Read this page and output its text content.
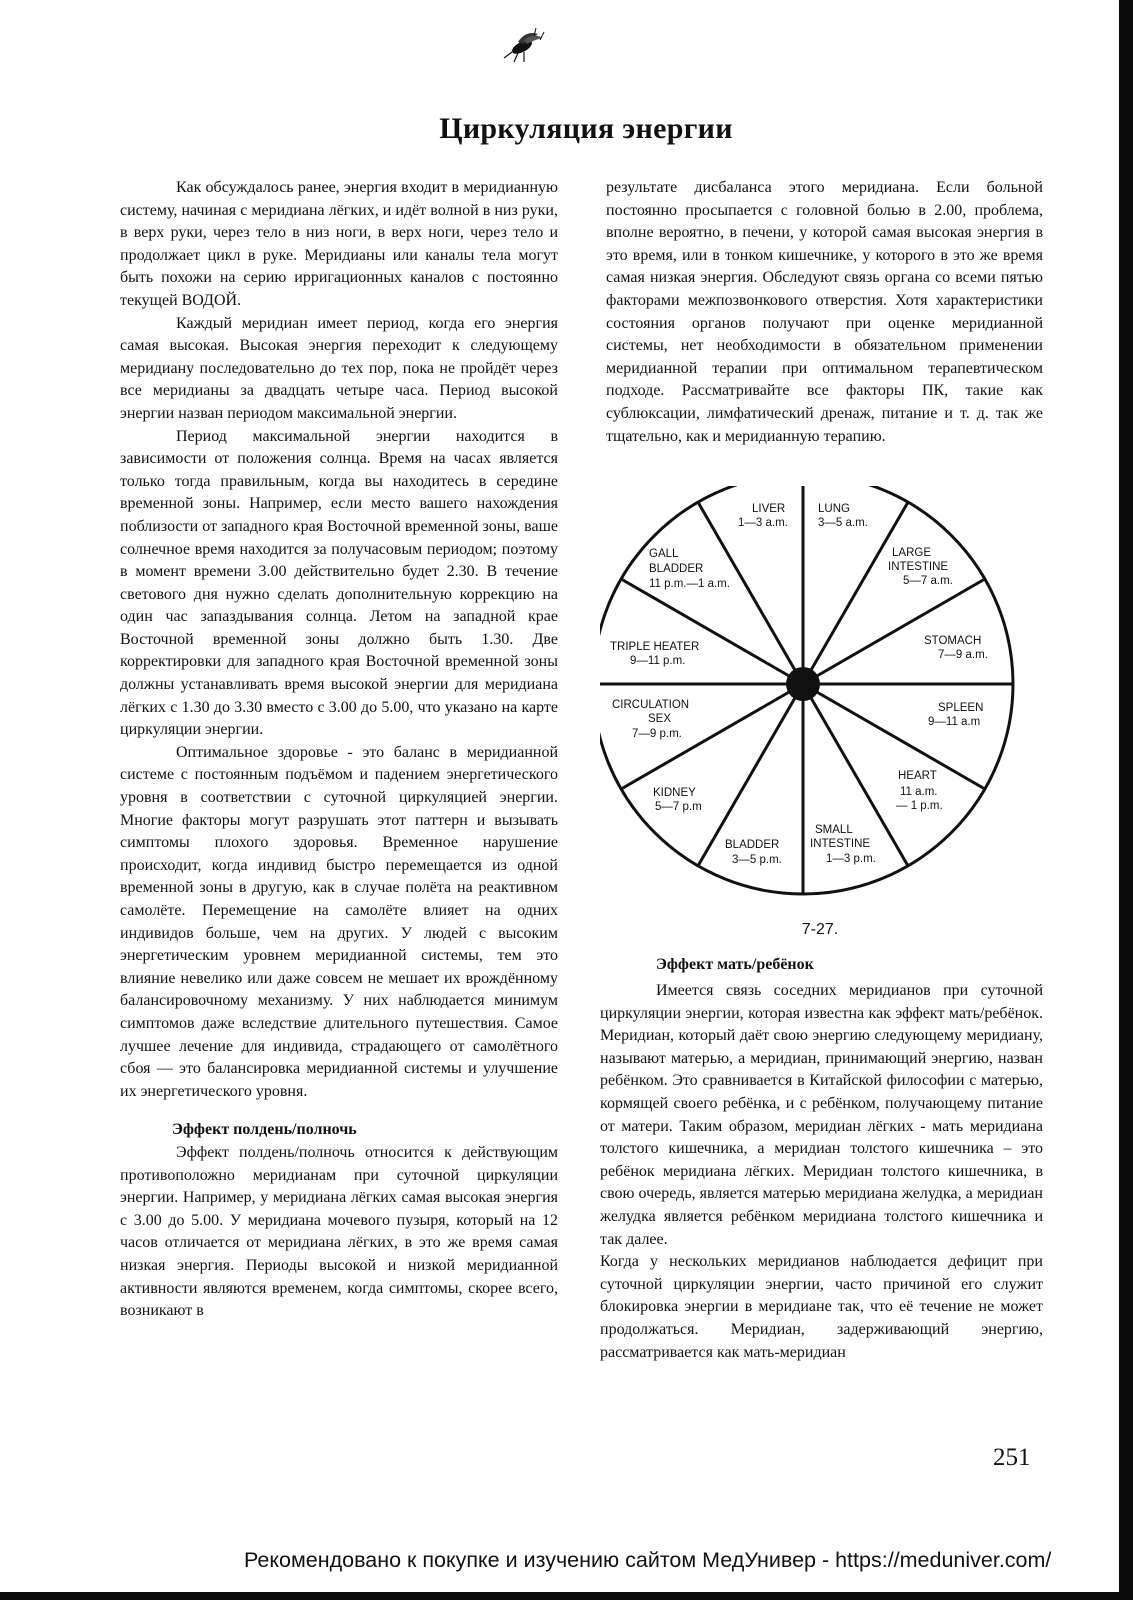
Циркуляция энергии

Как обсуждалось ранее, энергия входит в меридианную систему, начиная с меридиана лёгких, и идёт волной в низ руки, в верх руки, через тело в низ ноги, в верх ноги, через тело и продолжает цикл в руке. Меридианы или каналы тела могут быть похожи на серию ирригационных каналов с постоянно текущей ВОДОЙ.

Каждый меридиан имеет период, когда его энергия самая высокая. Высокая энергия переходит к следующему меридиану последовательно до тех пор, пока не пройдёт через все меридианы за двадцать четыре часа. Период высокой энергии назван периодом максимальной энергии.

Период максимальной энергии находится в зависимости от положения солнца. Время на часах является только тогда правильным, когда вы находитесь в середине временной зоны. Например, если место вашего нахождения поблизости от западного края Восточной временной зоны, ваше солнечное время находится за получасовым периодом; поэтому в момент времени 3.00 действительно будет 2.30. В течение светового дня нужно сделать дополнительную коррекцию на один час запаздывания солнца. Летом на западной крае Восточной временной зоны должно быть 1.30. Две корректировки для западного края Восточной временной зоны должны устанавливать время высокой энергии для меридиана лёгких с 1.30 до 3.30 вместо с 3.00 до 5.00, что указано на карте циркуляции энергии.

Оптимальное здоровье - это баланс в меридианной системе с постоянным подъёмом и падением энергетического уровня в соответствии с суточной циркуляцией энергии. Многие факторы могут разрушать этот паттерн и вызывать симптомы плохого здоровья. Временное нарушение происходит, когда индивид быстро перемещается из одной временной зоны в другую, как в случае полёта на реактивном самолёте. Перемещение на самолёте влияет на одних индивидов больше, чем на других. У людей с высоким энергетическим уровнем меридианной системы, тем это влияние невелико или даже совсем не мешает их врождённому балансировочному механизму. У них наблюдается минимум симптомов даже вследствие длительного путешествия. Самое лучшее лечение для индивида, страдающего от самолётного сбоя — это балансировка меридианной системы и улучшение их энергетического уровня.

Эффект полдень/полночь

Эффект полдень/полночь относится к действующим противоположно меридианам при суточной циркуляции энергии. Например, у меридиана лёгких самая высокая энергия с 3.00 до 5.00. У меридиана мочевого пузыря, который на 12 часов отличается от меридиана лёгких, в это же время самая низкая энергия. Периоды высокой и низкой меридианной активности являются временем, когда симптомы, скорее всего, возникают в

результате дисбаланса этого меридиана. Если больной постоянно просыпается с головной болью в 2.00, проблема, вполне вероятно, в печени, у которой самая высокая энергия в это время, или в тонком кишечнике, у которого в это же время самая низкая энергия. Обследуют связь органа со всеми пятью факторами межпозвонкового отверстия. Хотя характеристики состояния органов получают при оценке меридианной системы, нет необходимости в обязательном применении меридианной терапии при оптимальном терапевтическом подходе. Рассматривайте все факторы ПК, такие как сублюксации, лимфатический дренаж, питание и т. д. так же тщательно, как и меридианную терапию.

LUNG 3—5 a.m.
LARGE INTESTINE 5—7 a.m.
STOMACH 7—9 a.m.
SPLEEN 9—11 a.m
HEART 11 a.m. — 1 p.m.
SMALL INTESTINE 1—3 p.m.
BLADDER 3—5 p.m.
KIDNEY 5—7 p.m
CIRCULATION SEX 7—9 p.m.
TRIPLE HEATER 9—11 p.m.
GALL BLADDER 11 p.m.—1 a.m.
LIVER 1—3 a.m.
7-27.
Эффект мать/ребёнок

Имеется связь соседних меридианов при суточной циркуляции энергии, которая известна как эффект мать/ребёнок. Меридиан, который даёт свою энергию следующему меридиану, называют матерью, а меридиан, принимающий энергию, назван ребёнком. Это сравнивается в Китайской философии с матерью, кормящей своего ребёнка, и с ребёнком, получающему питание от матери. Таким образом, меридиан лёгких - мать меридиана толстого кишечника, а меридиан толстого кишечника – это ребёнок меридиана лёгких. Меридиан толстого кишечника, в свою очередь, является матерью меридиана желудка, а меридиан желудка является ребёнком меридиана толстого кишечника и так далее.

Когда у нескольких меридианов наблюдается дефицит при суточной циркуляции энергии, часто причиной его служит блокировка энергии в меридиане так, что её течение не может продолжаться. Меридиан, задерживающий энергию, рассматривается как мать-меридиан

251
Рекомендовано к покупке и изучению сайтом МедУнивер - https://meduniver.com/
